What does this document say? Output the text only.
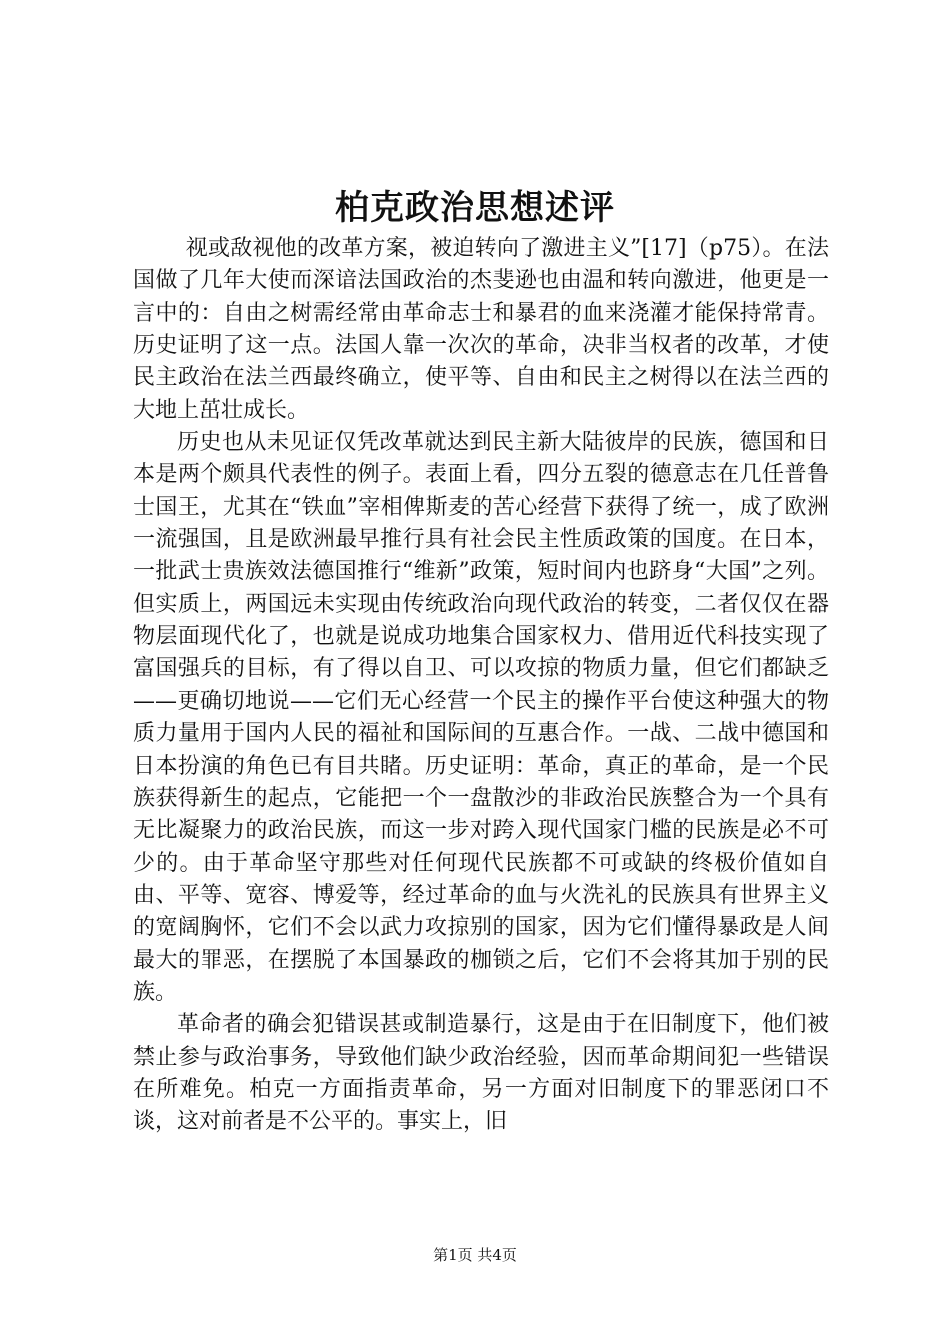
柏克政治思想述评

视或敌视他的改革方案，被迫转向了激进主义”[17]（p75）。在法国做了几年大使而深谙法国政治的杰斐逊也由温和转向激进，他更是一言中的：自由之树需经常由革命志士和暴君的血来浇灌才能保持常青。历史证明了这一点。法国人靠一次次的革命，决非当权者的改革，才使民主政治在法兰西最终确立，使平等、自由和民主之树得以在法兰西的大地上茁壮成长。

历史也从未见证仅凭改革就达到民主新大陆彼岸的民族，德国和日本是两个颇具代表性的例子。表面上看，四分五裂的德意志在几任普鲁士国王，尤其在“铁血”宰相俾斯麦的苦心经营下获得了统一，成了欧洲一流强国，且是欧洲最早推行具有社会民主性质政策的国度。在日本，一批武士贵族效法德国推行“维新”政策，短时间内也跻身“大国”之列。但实质上，两国远未实现由传统政治向现代政治的转变，二者仅仅在器物层面现代化了，也就是说成功地集合国家权力、借用近代科技实现了富国强兵的目标，有了得以自卫、可以攻掠的物质力量，但它们都缺乏——更确切地说——它们无心经营一个民主的操作平台使这种强大的物质力量用于国内人民的福祉和国际间的互惠合作。一战、二战中德国和日本扮演的角色已有目共睹。历史证明：革命，真正的革命，是一个民族获得新生的起点，它能把一个一盘散沙的非政治民族整合为一个具有无比凝聚力的政治民族，而这一步对跨入现代国家门槛的民族是必不可少的。由于革命坚守那些对任何现代民族都不可或缺的终极价值如自由、平等、宽容、博爱等，经过革命的血与火洗礼的民族具有世界主义的宽阔胸怀，它们不会以武力攻掠别的国家，因为它们懂得暴政是人间最大的罪恶，在摆脱了本国暴政的枷锁之后，它们不会将其加于别的民族。

革命者的确会犯错误甚或制造暴行，这是由于在旧制度下，他们被禁止参与政治事务，导致他们缺少政治经验，因而革命期间犯一些错误在所难免。柏克一方面指责革命，另一方面对旧制度下的罪恶闭口不谈，这对前者是不公平的。事实上，旧

第1页 共4页
